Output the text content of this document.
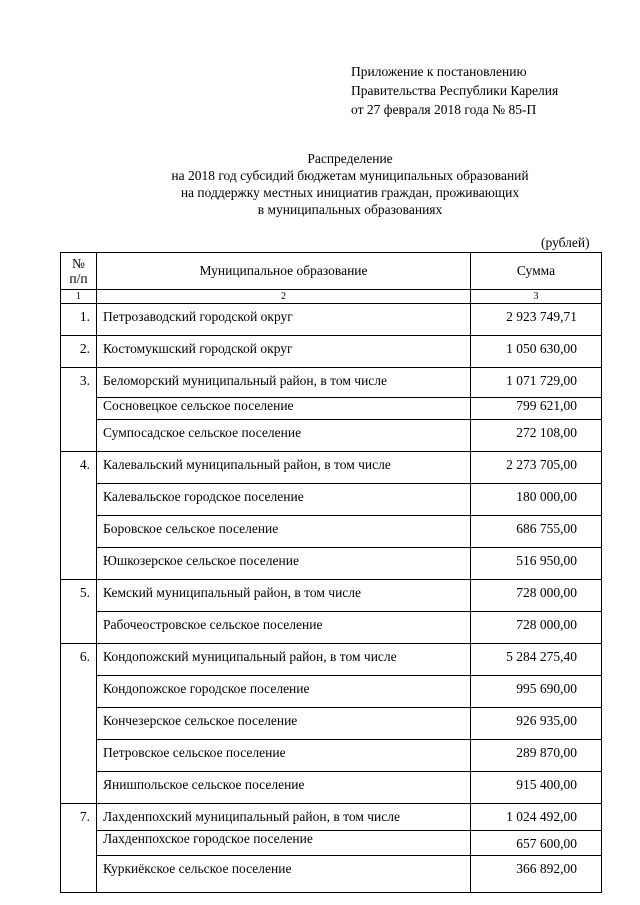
Приложение к постановлению
Правительства Республики Карелия
от 27 февраля 2018 года № 85-П
Распределение
на 2018 год субсидий бюджетам муниципальных образований
на поддержку местных инициатив граждан, проживающих
в муниципальных образованиях
(рублей)
№
п/п	Муниципальное образование	Сумма
1	2	3
1.	Петрозаводский городской округ	2 923 749,71
2.	Костомукшский городской округ	1 050 630,00
3.	Беломорский муниципальный район, в том числе	1 071 729,00
	Сосновецкое сельское поселение	799 621,00
	Сумпосадское сельское поселение	272 108,00
4.	Калевальский муниципальный район, в том числе	2 273 705,00
	Калевальское городское поселение	180 000,00
	Боровское сельское поселение	686 755,00
	Юшкозерское сельское поселение	516 950,00
5.	Кемский муниципальный район, в том числе	728 000,00
	Рабочеостровское сельское поселение	728 000,00
6.	Кондопожский муниципальный район, в том числе	5 284 275,40
	Кондопожское городское поселение	995 690,00
	Кончезерское сельское поселение	926 935,00
	Петровское сельское поселение	289 870,00
	Янишпольское сельское поселение	915 400,00
7.	Лахденпохский муниципальный район, в том числе	1 024 492,00
	Лахденпохское городское поселение	657 600,00
	Куркиёкское сельское поселение	366 892,00
